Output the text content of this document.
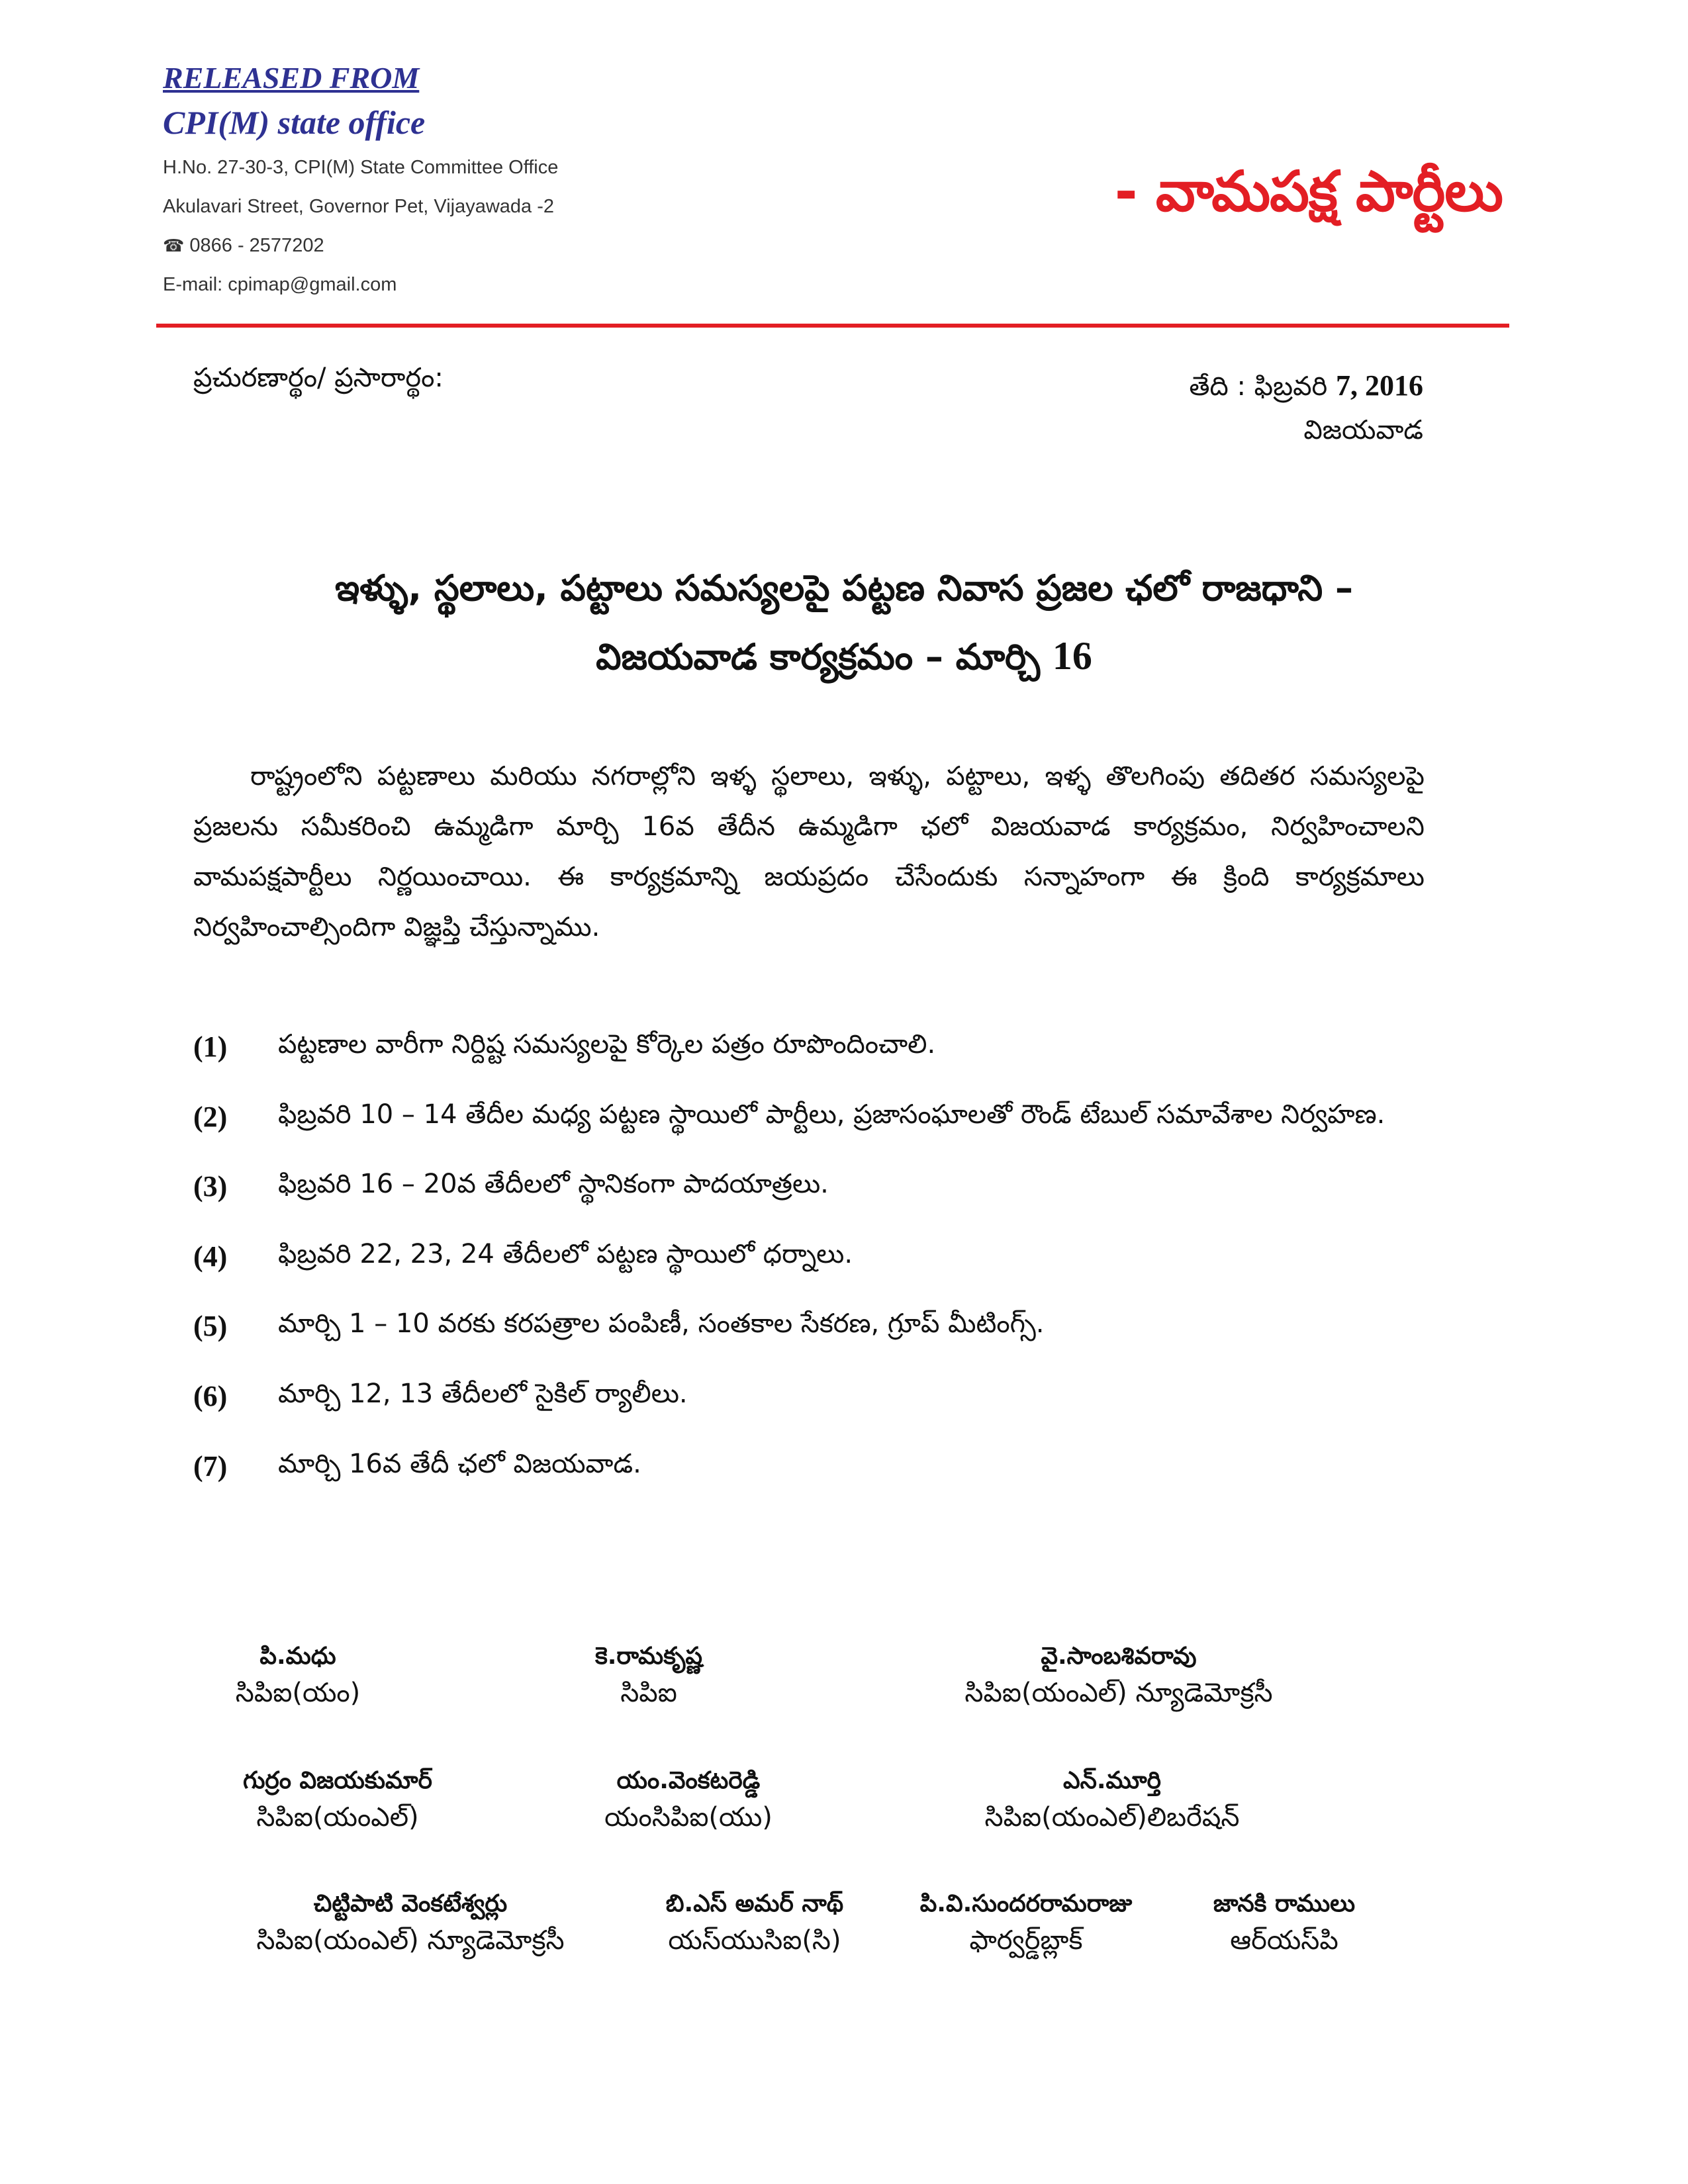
RELEASED FROM
CPI(M) state office
H.No. 27-30-3, CPI(M) State Committee Office
Akulavari Street, Governor Pet, Vijayawada -2
☎ 0866 - 2577202
E-mail: cpimap@gmail.com
- వామపక్ష పార్టీలు
ప్రచురణార్థం/ ప్రసారార్థం:	తేది : ఫిబ్రవరి 7, 2016
విజయవాడ
ఇళ్ళు, స్థలాలు, పట్టాలు సమస్యలపై పట్టణ నివాస ప్రజల ఛలో రాజధాని –
విజయవాడ కార్యక్రమం – మార్చి 16
రాష్ట్రంలోని పట్టణాలు మరియు నగరాల్లోని ఇళ్ళ స్థలాలు, ఇళ్ళు, పట్టాలు, ఇళ్ళ తొలగింపు తదితర సమస్యలపై ప్రజలను సమీకరించి ఉమ్మడిగా మార్చి 16వ తేదీన ఉమ్మడిగా ఛలో విజయవాడ కార్యక్రమం, నిర్వహించాలని వామపక్షపార్టీలు నిర్ణయించాయి. ఈ కార్యక్రమాన్ని జయప్రదం చేసేందుకు సన్నాహంగా ఈ క్రింది కార్యక్రమాలు నిర్వహించాల్సిందిగా విజ్ఞప్తి చేస్తున్నాము.
(1)	పట్టణాల వారీగా నిర్దిష్ట సమస్యలపై కోర్కెల పత్రం రూపొందించాలి.
(2)	ఫిబ్రవరి 10 – 14 తేదీల మధ్య పట్టణ స్థాయిలో పార్టీలు, ప్రజాసంఘాలతో రౌండ్ టేబుల్ సమావేశాల నిర్వహణ.
(3)	ఫిబ్రవరి 16 – 20వ తేదీలలో స్థానికంగా పాదయాత్రలు.
(4)	ఫిబ్రవరి 22, 23, 24 తేదీలలో పట్టణ స్థాయిలో ధర్నాలు.
(5)	మార్చి 1 – 10 వరకు కరపత్రాల పంపిణీ, సంతకాల సేకరణ, గ్రూప్ మీటింగ్స్.
(6)	మార్చి 12, 13 తేదీలలో సైకిల్ ర్యాలీలు.
(7)	మార్చి 16వ తేదీ ఛలో విజయవాడ.
పి.మధు
సిపిఐ(యం)
కె.రామకృష్ణ
సిపిఐ
వై.సాంబశివరావు
సిపిఐ(యంఎల్) న్యూడెమోక్రసీ
గుర్రం విజయకుమార్
సిపిఐ(యంఎల్)
యం.వెంకటరెడ్డి
యంసిపిఐ(యు)
ఎన్.మూర్తి
సిపిఐ(యంఎల్)లిబరేషన్
చిట్టిపాటి వెంకటేశ్వర్లు
సిపిఐ(యంఎల్) న్యూడెమోక్రసీ
బి.ఎస్ అమర్ నాథ్
యస్‌యుసిఐ(సి)
పి.వి.సుందరరామరాజు
ఫార్వర్డ్‌బ్లాక్
జానకి రాములు
ఆర్‌యస్‌పి
